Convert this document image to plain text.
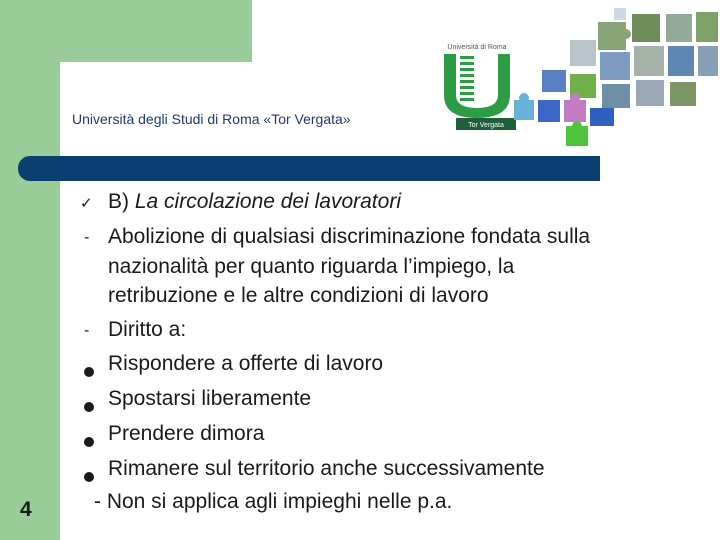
Università degli Studi di Roma «Tor Vergata»
Università di Roma
Tor Vergata
✓ B) La circolazione dei lavoratori
- Abolizione di qualsiasi discriminazione fondata sulla
nazionalità per quanto riguarda l’impiego, la
retribuzione e le altre condizioni di lavoro
- Diritto a:
Rispondere a offerte di lavoro
Spostarsi liberamente
Prendere dimora
Rimanere sul territorio anche successivamente
- Non si applica agli impieghi nelle p.a.
4
